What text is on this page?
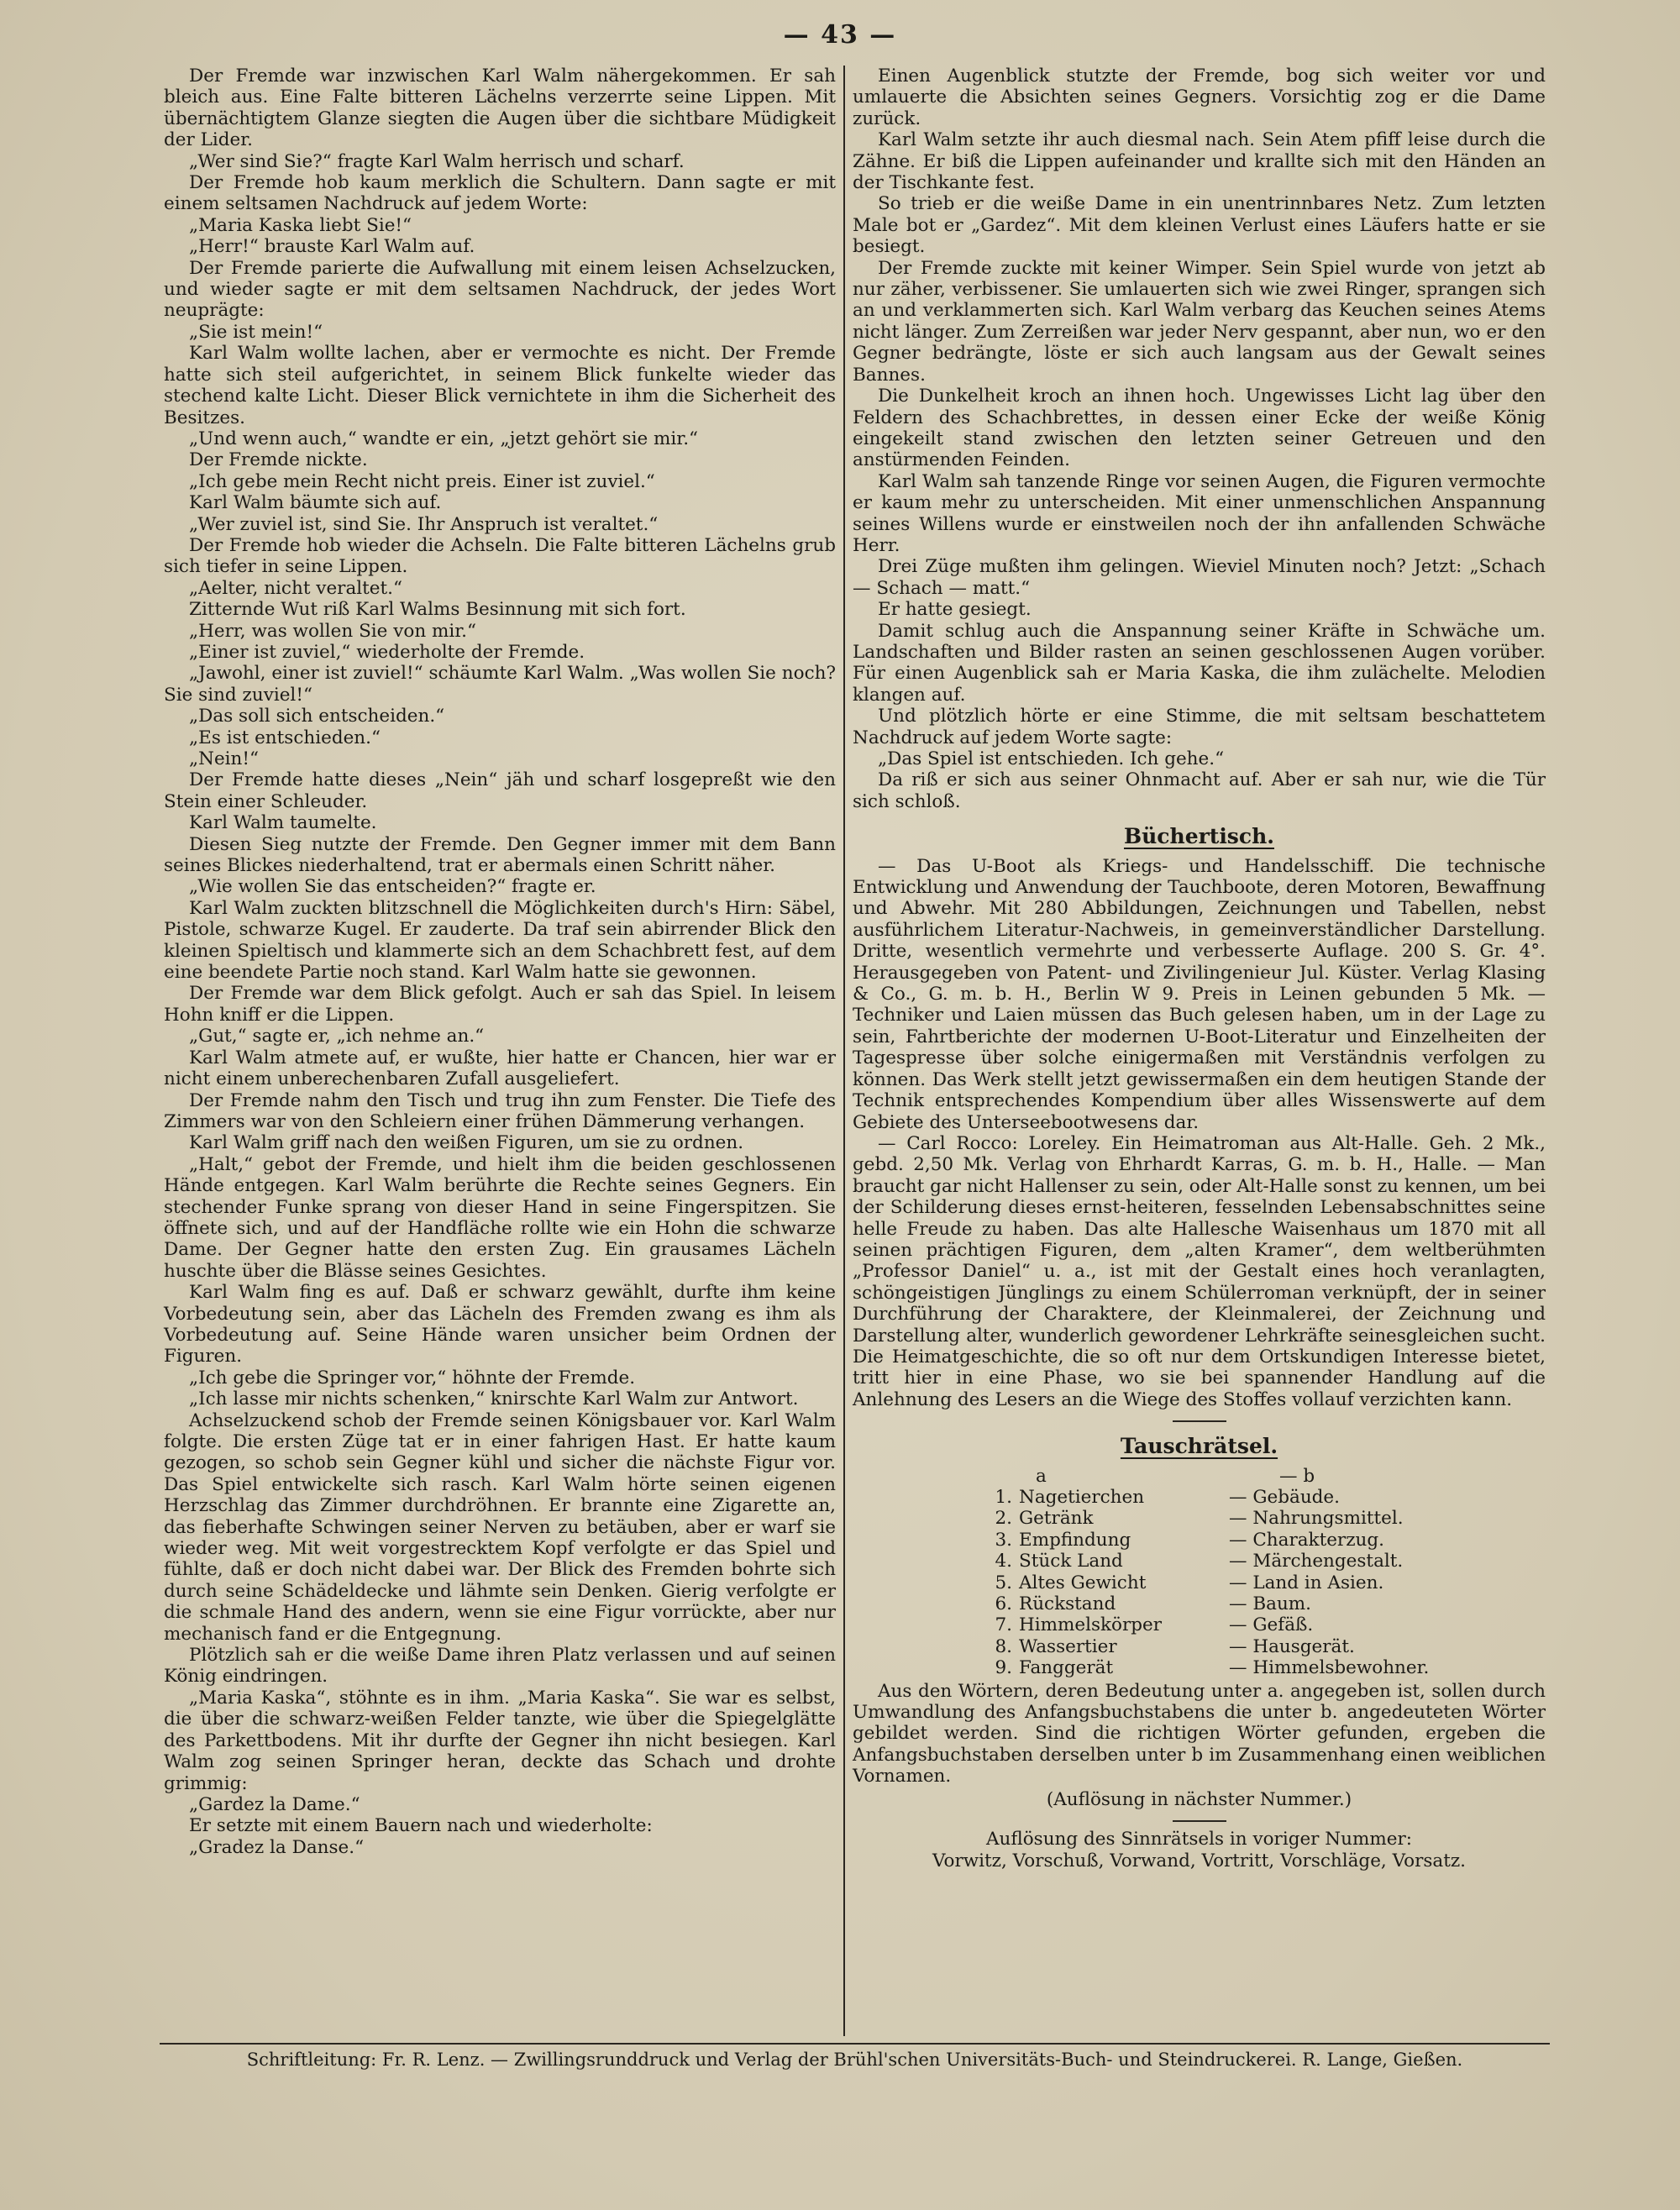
— 43 —

Der Fremde war inzwischen Karl Walm nähergekommen. Er sah bleich aus. Eine Falte bitteren Lächelns verzerrte seine Lippen. Mit übernächtigtem Glanze siegten die Augen über die sichtbare Müdigkeit der Lider.

„Wer sind Sie?“ fragte Karl Walm herrisch und scharf.

Der Fremde hob kaum merklich die Schultern. Dann sagte er mit einem seltsamen Nachdruck auf jedem Worte:

„Maria Kaska liebt Sie!“

„Herr!“ brauste Karl Walm auf.

Der Fremde parierte die Aufwallung mit einem leisen Achselzucken, und wieder sagte er mit dem seltsamen Nachdruck, der jedes Wort neuprägte:

„Sie ist mein!“

Karl Walm wollte lachen, aber er vermochte es nicht. Der Fremde hatte sich steil aufgerichtet, in seinem Blick funkelte wieder das stechend kalte Licht. Dieser Blick vernichtete in ihm die Sicherheit des Besitzes.

„Und wenn auch,“ wandte er ein, „jetzt gehört sie mir.“

Der Fremde nickte.

„Ich gebe mein Recht nicht preis. Einer ist zuviel.“

Karl Walm bäumte sich auf.

„Wer zuviel ist, sind Sie. Ihr Anspruch ist veraltet.“

Der Fremde hob wieder die Achseln. Die Falte bitteren Lächelns grub sich tiefer in seine Lippen.

„Aelter, nicht veraltet.“

Zitternde Wut riß Karl Walms Besinnung mit sich fort.

„Herr, was wollen Sie von mir.“

„Einer ist zuviel,“ wiederholte der Fremde.

„Jawohl, einer ist zuviel!“ schäumte Karl Walm. „Was wollen Sie noch? Sie sind zuviel!“

„Das soll sich entscheiden.“

„Es ist entschieden.“

„Nein!“

Der Fremde hatte dieses „Nein“ jäh und scharf losgepreßt wie den Stein einer Schleuder.

Karl Walm taumelte.

Diesen Sieg nutzte der Fremde. Den Gegner immer mit dem Bann seines Blickes niederhaltend, trat er abermals einen Schritt näher.

„Wie wollen Sie das entscheiden?“ fragte er.

Karl Walm zuckten blitzschnell die Möglichkeiten durch's Hirn: Säbel, Pistole, schwarze Kugel. Er zauderte. Da traf sein abirrender Blick den kleinen Spieltisch und klammerte sich an dem Schachbrett fest, auf dem eine beendete Partie noch stand. Karl Walm hatte sie gewonnen.

Der Fremde war dem Blick gefolgt. Auch er sah das Spiel. In leisem Hohn kniff er die Lippen.

„Gut,“ sagte er, „ich nehme an.“

Karl Walm atmete auf, er wußte, hier hatte er Chancen, hier war er nicht einem unberechenbaren Zufall ausgeliefert.

Der Fremde nahm den Tisch und trug ihn zum Fenster. Die Tiefe des Zimmers war von den Schleiern einer frühen Dämmerung verhangen.

Karl Walm griff nach den weißen Figuren, um sie zu ordnen.

„Halt,“ gebot der Fremde, und hielt ihm die beiden geschlossenen Hände entgegen. Karl Walm berührte die Rechte seines Gegners. Ein stechender Funke sprang von dieser Hand in seine Fingerspitzen. Sie öffnete sich, und auf der Handfläche rollte wie ein Hohn die schwarze Dame. Der Gegner hatte den ersten Zug. Ein grausames Lächeln huschte über die Blässe seines Gesichtes.

Karl Walm fing es auf. Daß er schwarz gewählt, durfte ihm keine Vorbedeutung sein, aber das Lächeln des Fremden zwang es ihm als Vorbedeutung auf. Seine Hände waren unsicher beim Ordnen der Figuren.

„Ich gebe die Springer vor,“ höhnte der Fremde.

„Ich lasse mir nichts schenken,“ knirschte Karl Walm zur Antwort.

Achselzuckend schob der Fremde seinen Königsbauer vor. Karl Walm folgte. Die ersten Züge tat er in einer fahrigen Hast. Er hatte kaum gezogen, so schob sein Gegner kühl und sicher die nächste Figur vor. Das Spiel entwickelte sich rasch. Karl Walm hörte seinen eigenen Herzschlag das Zimmer durchdröhnen. Er brannte eine Zigarette an, das fieberhafte Schwingen seiner Nerven zu betäuben, aber er warf sie wieder weg. Mit weit vorgestrecktem Kopf verfolgte er das Spiel und fühlte, daß er doch nicht dabei war. Der Blick des Fremden bohrte sich durch seine Schädeldecke und lähmte sein Denken. Gierig verfolgte er die schmale Hand des andern, wenn sie eine Figur vorrückte, aber nur mechanisch fand er die Entgegnung.

Plötzlich sah er die weiße Dame ihren Platz verlassen und auf seinen König eindringen.

„Maria Kaska“, stöhnte es in ihm. „Maria Kaska“. Sie war es selbst, die über die schwarz-weißen Felder tanzte, wie über die Spiegelglätte des Parkettbodens. Mit ihr durfte der Gegner ihn nicht besiegen. Karl Walm zog seinen Springer heran, deckte das Schach und drohte grimmig:

„Gardez la Dame.“

Er setzte mit einem Bauern nach und wiederholte:

„Gradez la Danse.“

Einen Augenblick stutzte der Fremde, bog sich weiter vor und umlauerte die Absichten seines Gegners. Vorsichtig zog er die Dame zurück.

Karl Walm setzte ihr auch diesmal nach. Sein Atem pfiff leise durch die Zähne. Er biß die Lippen aufeinander und krallte sich mit den Händen an der Tischkante fest.

So trieb er die weiße Dame in ein unentrinnbares Netz. Zum letzten Male bot er „Gardez“. Mit dem kleinen Verlust eines Läufers hatte er sie besiegt.

Der Fremde zuckte mit keiner Wimper. Sein Spiel wurde von jetzt ab nur zäher, verbissener. Sie umlauerten sich wie zwei Ringer, sprangen sich an und verklammerten sich. Karl Walm verbarg das Keuchen seines Atems nicht länger. Zum Zerreißen war jeder Nerv gespannt, aber nun, wo er den Gegner bedrängte, löste er sich auch langsam aus der Gewalt seines Bannes.

Die Dunkelheit kroch an ihnen hoch. Ungewisses Licht lag über den Feldern des Schachbrettes, in dessen einer Ecke der weiße König eingekeilt stand zwischen den letzten seiner Getreuen und den anstürmenden Feinden.

Karl Walm sah tanzende Ringe vor seinen Augen, die Figuren vermochte er kaum mehr zu unterscheiden. Mit einer unmenschlichen Anspannung seines Willens wurde er einstweilen noch der ihn anfallenden Schwäche Herr.

Drei Züge mußten ihm gelingen. Wieviel Minuten noch? Jetzt: „Schach — Schach — matt.“

Er hatte gesiegt.

Damit schlug auch die Anspannung seiner Kräfte in Schwäche um. Landschaften und Bilder rasten an seinen geschlossenen Augen vorüber. Für einen Augenblick sah er Maria Kaska, die ihm zulächelte. Melodien klangen auf.

Und plötzlich hörte er eine Stimme, die mit seltsam beschattetem Nachdruck auf jedem Worte sagte:

„Das Spiel ist entschieden. Ich gehe.“

Da riß er sich aus seiner Ohnmacht auf. Aber er sah nur, wie die Tür sich schloß.

Büchertisch.

— Das U-Boot als Kriegs- und Handelsschiff. Die technische Entwicklung und Anwendung der Tauchboote, deren Motoren, Bewaffnung und Abwehr. Mit 280 Abbildungen, Zeichnungen und Tabellen, nebst ausführlichem Literatur-Nachweis, in gemeinverständlicher Darstellung. Dritte, wesentlich vermehrte und verbesserte Auflage. 200 S. Gr. 4°. Herausgegeben von Patent- und Zivilingenieur Jul. Küster. Verlag Klasing & Co., G. m. b. H., Berlin W 9. Preis in Leinen gebunden 5 Mk. — Techniker und Laien müssen das Buch gelesen haben, um in der Lage zu sein, Fahrtberichte der modernen U-Boot-Literatur und Einzelheiten der Tagespresse über solche einigermaßen mit Verständnis verfolgen zu können. Das Werk stellt jetzt gewissermaßen ein dem heutigen Stande der Technik entsprechendes Kompendium über alles Wissenswerte auf dem Gebiete des Unterseebootwesens dar.

— Carl Rocco: Loreley. Ein Heimatroman aus Alt-Halle. Geh. 2 Mk., gebd. 2,50 Mk. Verlag von Ehrhardt Karras, G. m. b. H., Halle. — Man braucht gar nicht Hallenser zu sein, oder Alt-Halle sonst zu kennen, um bei der Schilderung dieses ernst-heiteren, fesselnden Lebensabschnittes seine helle Freude zu haben. Das alte Hallesche Waisenhaus um 1870 mit all seinen prächtigen Figuren, dem „alten Kramer“, dem weltberühmten „Professor Daniel“ u. a., ist mit der Gestalt eines hoch veranlagten, schöngeistigen Jünglings zu einem Schülerroman verknüpft, der in seiner Durchführung der Charaktere, der Kleinmalerei, der Zeichnung und Darstellung alter, wunderlich gewordener Lehrkräfte seinesgleichen sucht. Die Heimatgeschichte, die so oft nur dem Ortskundigen Interesse bietet, tritt hier in eine Phase, wo sie bei spannender Handlung auf die Anlehnung des Lesers an die Wiege des Stoffes vollauf verzichten kann.

Tauschrätsel.
	a	— b
1.	Nagetierchen	— Gebäude.
2.	Getränk	— Nahrungsmittel.
3.	Empfindung	— Charakterzug.
4.	Stück Land	— Märchengestalt.
5.	Altes Gewicht	— Land in Asien.
6.	Rückstand	— Baum.
7.	Himmelskörper	— Gefäß.
8.	Wassertier	— Hausgerät.
9.	Fanggerät	— Himmelsbewohner.

Aus den Wörtern, deren Bedeutung unter a. angegeben ist, sollen durch Umwandlung des Anfangsbuchstabens die unter b. angedeuteten Wörter gebildet werden. Sind die richtigen Wörter gefunden, ergeben die Anfangsbuchstaben derselben unter b im Zusammenhang einen weiblichen Vornamen.

(Auflösung in nächster Nummer.)
Auflösung des Sinnrätsels in voriger Nummer:
Vorwitz, Vorschuß, Vorwand, Vortritt, Vorschläge, Vorsatz.
Schriftleitung: Fr. R. Lenz. — Zwillingsrunddruck und Verlag der Brühl'schen Universitäts-Buch- und Steindruckerei. R. Lange, Gießen.
